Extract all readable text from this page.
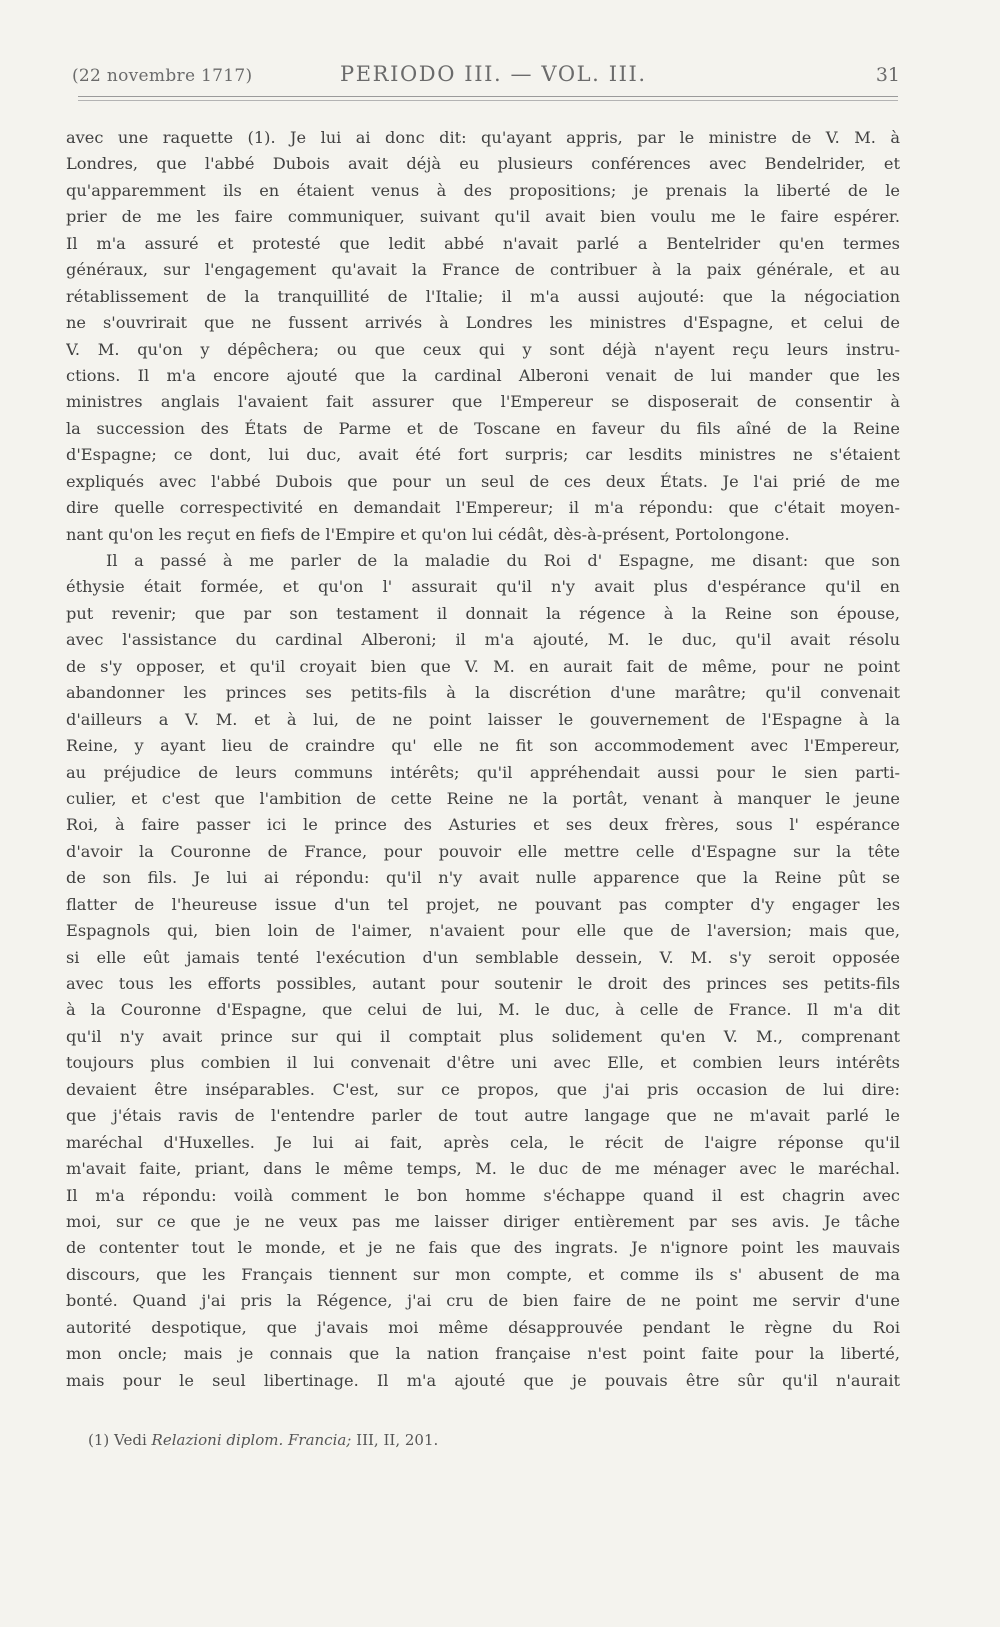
(22 novembre 1717)	PERIODO III. — VOL. III.	31
avec une raquette (1). Je lui ai donc dit: qu'ayant appris, par le ministre de V. M. à
Londres, que l'abbé Dubois avait déjà eu plusieurs conférences avec Bendelrider, et
qu'apparemment ils en étaient venus à des propositions; je prenais la liberté de le
prier de me les faire communiquer, suivant qu'il avait bien voulu me le faire espérer.
Il m'a assuré et protesté que ledit abbé n'avait parlé a Bentelrider qu'en termes
généraux, sur l'engagement qu'avait la France de contribuer à la paix générale, et au
rétablissement de la tranquillité de l'Italie; il m'a aussi aujouté: que la négociation
ne s'ouvrirait que ne fussent arrivés à Londres les ministres d'Espagne, et celui de
V. M. qu'on y dépêchera; ou que ceux qui y sont déjà n'ayent reçu leurs instru-
ctions. Il m'a encore ajouté que la cardinal Alberoni venait de lui mander que les
ministres anglais l'avaient fait assurer que l'Empereur se disposerait de consentir à
la succession des États de Parme et de Toscane en faveur du fils aîné de la Reine
d'Espagne; ce dont, lui duc, avait été fort surpris; car lesdits ministres ne s'étaient
expliqués avec l'abbé Dubois que pour un seul de ces deux États. Je l'ai prié de me
dire quelle correspectivité en demandait l'Empereur; il m'a répondu: que c'était moyen-
nant qu'on les reçut en fiefs de l'Empire et qu'on lui cédât, dès-à-présent, Portolongone.
Il a passé à me parler de la maladie du Roi d' Espagne, me disant: que son
éthysie était formée, et qu'on l' assurait qu'il n'y avait plus d'espérance qu'il en
put revenir; que par son testament il donnait la régence à la Reine son épouse,
avec l'assistance du cardinal Alberoni; il m'a ajouté, M. le duc, qu'il avait résolu
de s'y opposer, et qu'il croyait bien que V. M. en aurait fait de même, pour ne point
abandonner les princes ses petits-fils à la discrétion d'une marâtre; qu'il convenait
d'ailleurs a V. M. et à lui, de ne point laisser le gouvernement de l'Espagne à la
Reine, y ayant lieu de craindre qu' elle ne fit son accommodement avec l'Empereur,
au préjudice de leurs communs intérêts; qu'il appréhendait aussi pour le sien parti-
culier, et c'est que l'ambition de cette Reine ne la portât, venant à manquer le jeune
Roi, à faire passer ici le prince des Asturies et ses deux frères, sous l' espérance
d'avoir la Couronne de France, pour pouvoir elle mettre celle d'Espagne sur la tête
de son fils. Je lui ai répondu: qu'il n'y avait nulle apparence que la Reine pût se
flatter de l'heureuse issue d'un tel projet, ne pouvant pas compter d'y engager les
Espagnols qui, bien loin de l'aimer, n'avaient pour elle que de l'aversion; mais que,
si elle eût jamais tenté l'exécution d'un semblable dessein, V. M. s'y seroit opposée
avec tous les efforts possibles, autant pour soutenir le droit des princes ses petits-fils
à la Couronne d'Espagne, que celui de lui, M. le duc, à celle de France. Il m'a dit
qu'il n'y avait prince sur qui il comptait plus solidement qu'en V. M., comprenant
toujours plus combien il lui convenait d'être uni avec Elle, et combien leurs intérêts
devaient être inséparables. C'est, sur ce propos, que j'ai pris occasion de lui dire:
que j'étais ravis de l'entendre parler de tout autre langage que ne m'avait parlé le
maréchal d'Huxelles. Je lui ai fait, après cela, le récit de l'aigre réponse qu'il
m'avait faite, priant, dans le même temps, M. le duc de me ménager avec le maréchal.
Il m'a répondu: voilà comment le bon homme s'échappe quand il est chagrin avec
moi, sur ce que je ne veux pas me laisser diriger entièrement par ses avis. Je tâche
de contenter tout le monde, et je ne fais que des ingrats. Je n'ignore point les mauvais
discours, que les Français tiennent sur mon compte, et comme ils s' abusent de ma
bonté. Quand j'ai pris la Régence, j'ai cru de bien faire de ne point me servir d'une
autorité despotique, que j'avais moi même désapprouvée pendant le règne du Roi
mon oncle; mais je connais que la nation française n'est point faite pour la liberté,
mais pour le seul libertinage. Il m'a ajouté que je pouvais être sûr qu'il n'aurait
(1) Vedi Relazioni diplom. Francia; III, II, 201.
